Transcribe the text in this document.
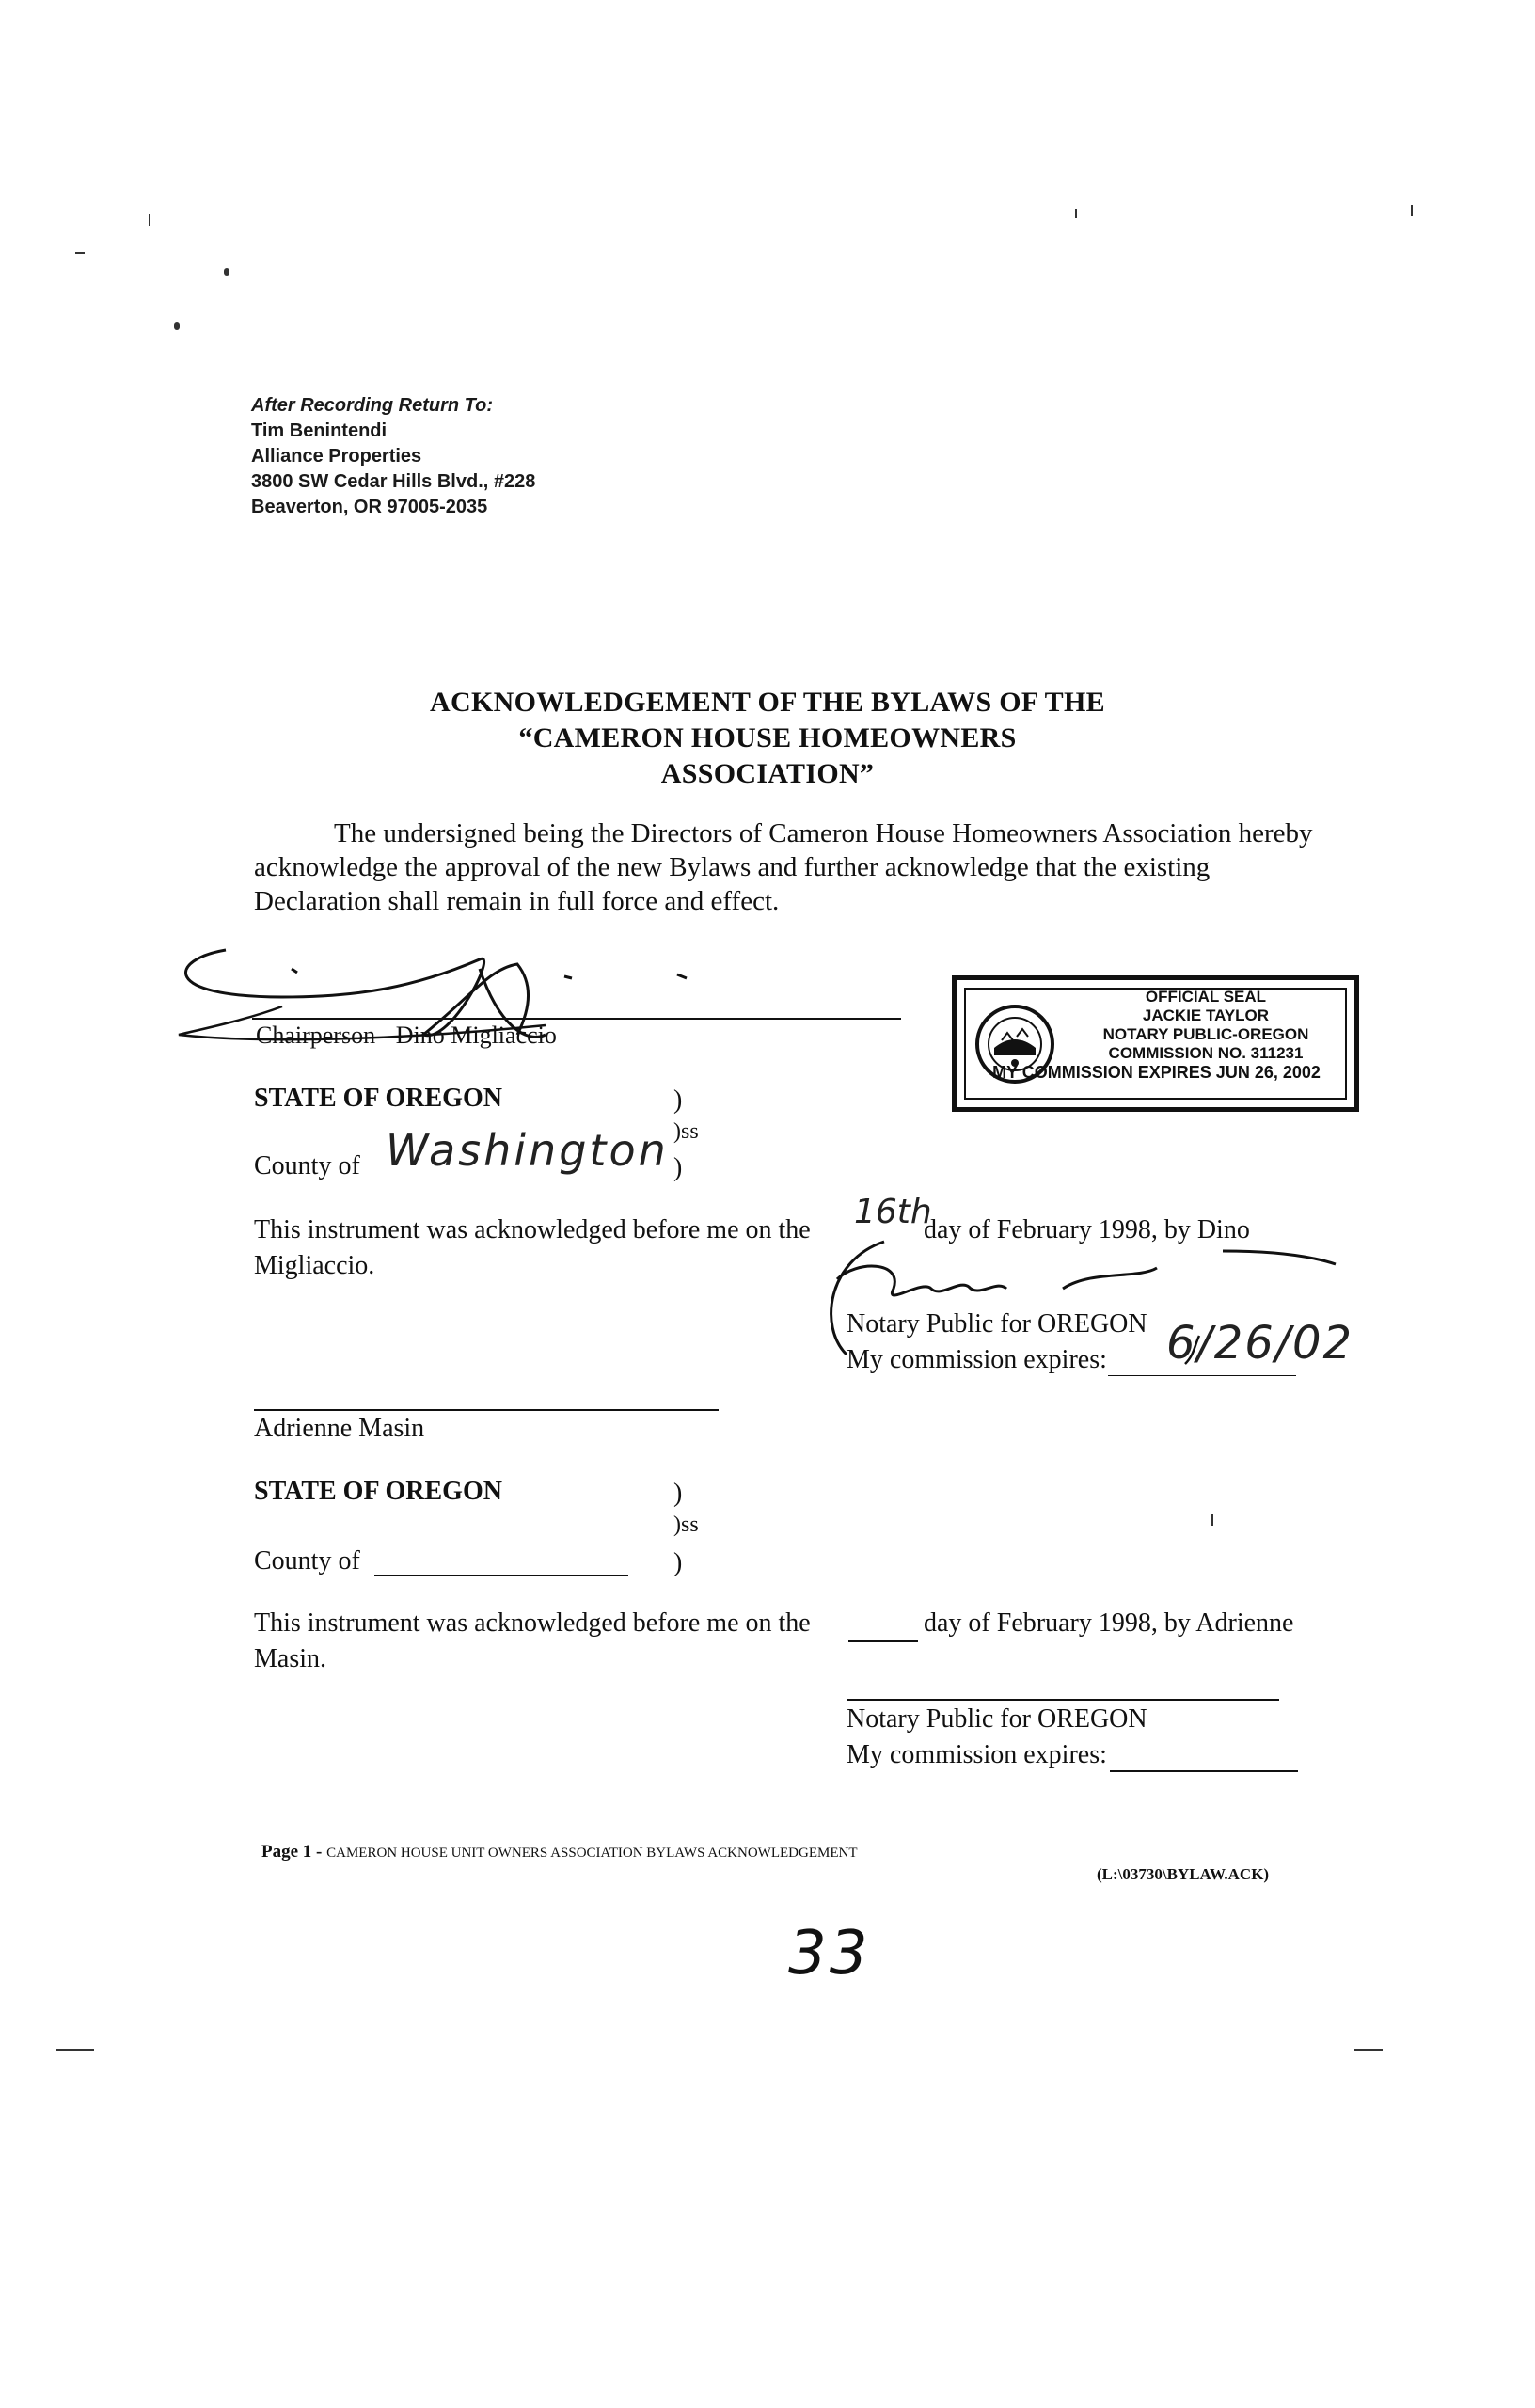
After Recording Return To:
Tim Benintendi
Alliance Properties
3800 SW Cedar Hills Blvd., #228
Beaverton, OR 97005-2035
ACKNOWLEDGEMENT OF THE BYLAWS OF THE
“CAMERON HOUSE HOMEOWNERS
ASSOCIATION”
The undersigned being the Directors of Cameron House Homeowners Association hereby acknowledge the approval of the new Bylaws and further acknowledge that the existing Declaration shall remain in full force and effect.
Chairperson - Dino Migliaccio
OFFICIAL SEAL
JACKIE TAYLOR
NOTARY PUBLIC-OREGON
COMMISSION NO. 311231
MY COMMISSION EXPIRES JUN 26, 2002
STATE OF OREGON	)
)ss
County of Washington )
This instrument was acknowledged before me on the 16th
day of February 1998, by Dino
Migliaccio.
Notary Public for OREGON
My commission expires: 6/26/02
Adrienne Masin
STATE OF OREGON	)
)ss
County of	)
This instrument was acknowledged before me on the	day of February 1998, by Adrienne
Masin.
Notary Public for OREGON
My commission expires:
Page 1 - CAMERON HOUSE UNIT OWNERS ASSOCIATION BYLAWS ACKNOWLEDGEMENT
(L:\03730\BYLAW.ACK)
33
